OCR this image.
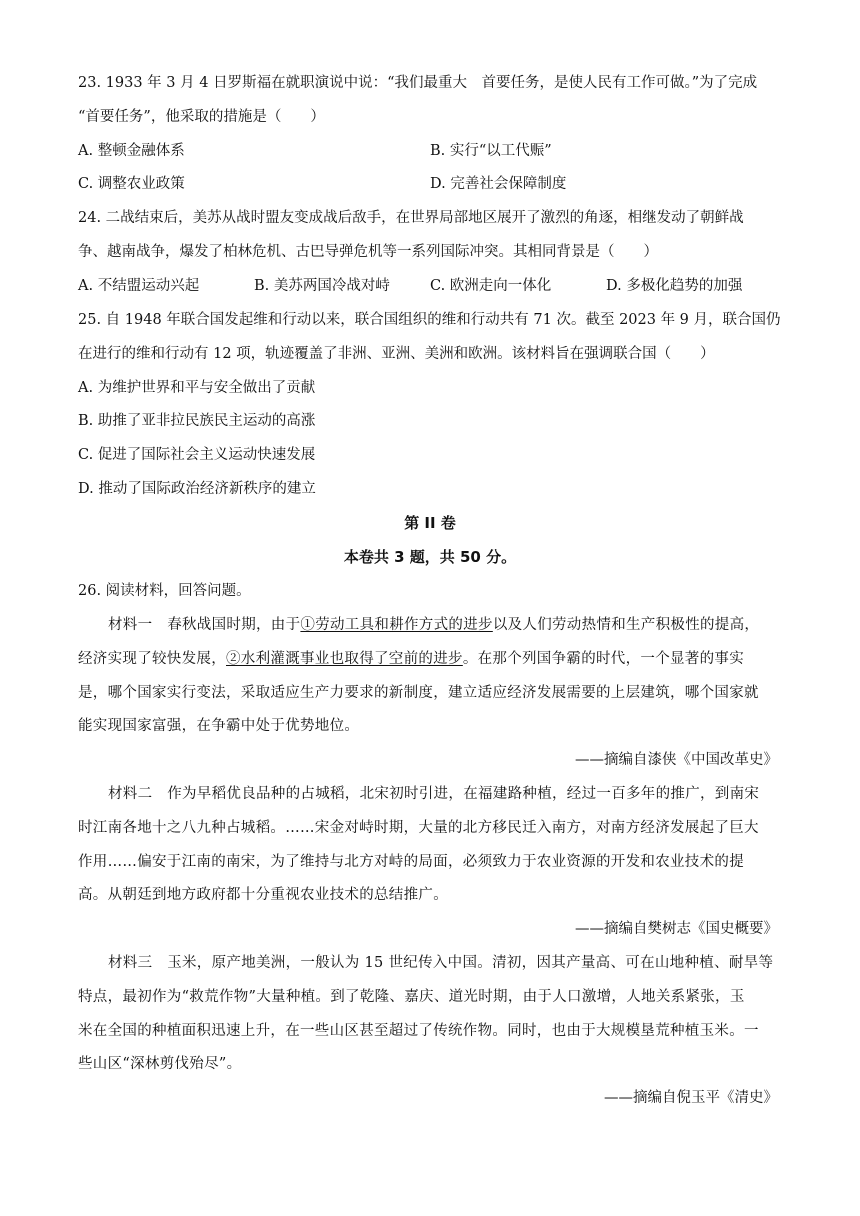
23. 1933 年 3 月 4 日罗斯福在就职演说中说：“我们最重大　首要任务，是使人民有工作可做。”为了完成
“首要任务”，他采取的措施是（　　）
A. 整顿金融体系	B. 实行“以工代赈”
C. 调整农业政策	D. 完善社会保障制度
24. 二战结束后，美苏从战时盟友变成战后敌手，在世界局部地区展开了激烈的角逐，相继发动了朝鲜战
争、越南战争，爆发了柏林危机、古巴导弹危机等一系列国际冲突。其相同背景是（　　）
A. 不结盟运动兴起	B. 美苏两国冷战对峙	C. 欧洲走向一体化	D. 多极化趋势的加强
25. 自 1948 年联合国发起维和行动以来，联合国组织的维和行动共有 71 次。截至 2023 年 9 月，联合国仍
在进行的维和行动有 12 项，轨迹覆盖了非洲、亚洲、美洲和欧洲。该材料旨在强调联合国（　　）
A. 为维护世界和平与安全做出了贡献
B. 助推了亚非拉民族民主运动的高涨
C. 促进了国际社会主义运动快速发展
D. 推动了国际政治经济新秩序的建立
第 II 卷
本卷共 3 题，共 50 分。
26. 阅读材料，回答问题。
材料一　春秋战国时期，由于①劳动工具和耕作方式的进步以及人们劳动热情和生产积极性的提高，
经济实现了较快发展，②水利灌溉事业也取得了空前的进步。在那个列国争霸的时代，一个显著的事实
是，哪个国家实行变法，采取适应生产力要求的新制度，建立适应经济发展需要的上层建筑，哪个国家就
能实现国家富强，在争霸中处于优势地位。
——摘编自漆侠《中国改革史》
材料二　作为早稻优良品种的占城稻，北宋初时引进，在福建路种植，经过一百多年的推广，到南宋
时江南各地十之八九种占城稻。……宋金对峙时期，大量的北方移民迁入南方，对南方经济发展起了巨大
作用……偏安于江南的南宋，为了维持与北方对峙的局面，必须致力于农业资源的开发和农业技术的提
高。从朝廷到地方政府都十分重视农业技术的总结推广。
——摘编自樊树志《国史概要》
材料三　玉米，原产地美洲，一般认为 15 世纪传入中国。清初，因其产量高、可在山地种植、耐旱等
特点，最初作为“救荒作物”大量种植。到了乾隆、嘉庆、道光时期，由于人口激增，人地关系紧张，玉
米在全国的种植面积迅速上升，在一些山区甚至超过了传统作物。同时，也由于大规模垦荒种植玉米。一
些山区“深林剪伐殆尽”。
——摘编自倪玉平《清史》
